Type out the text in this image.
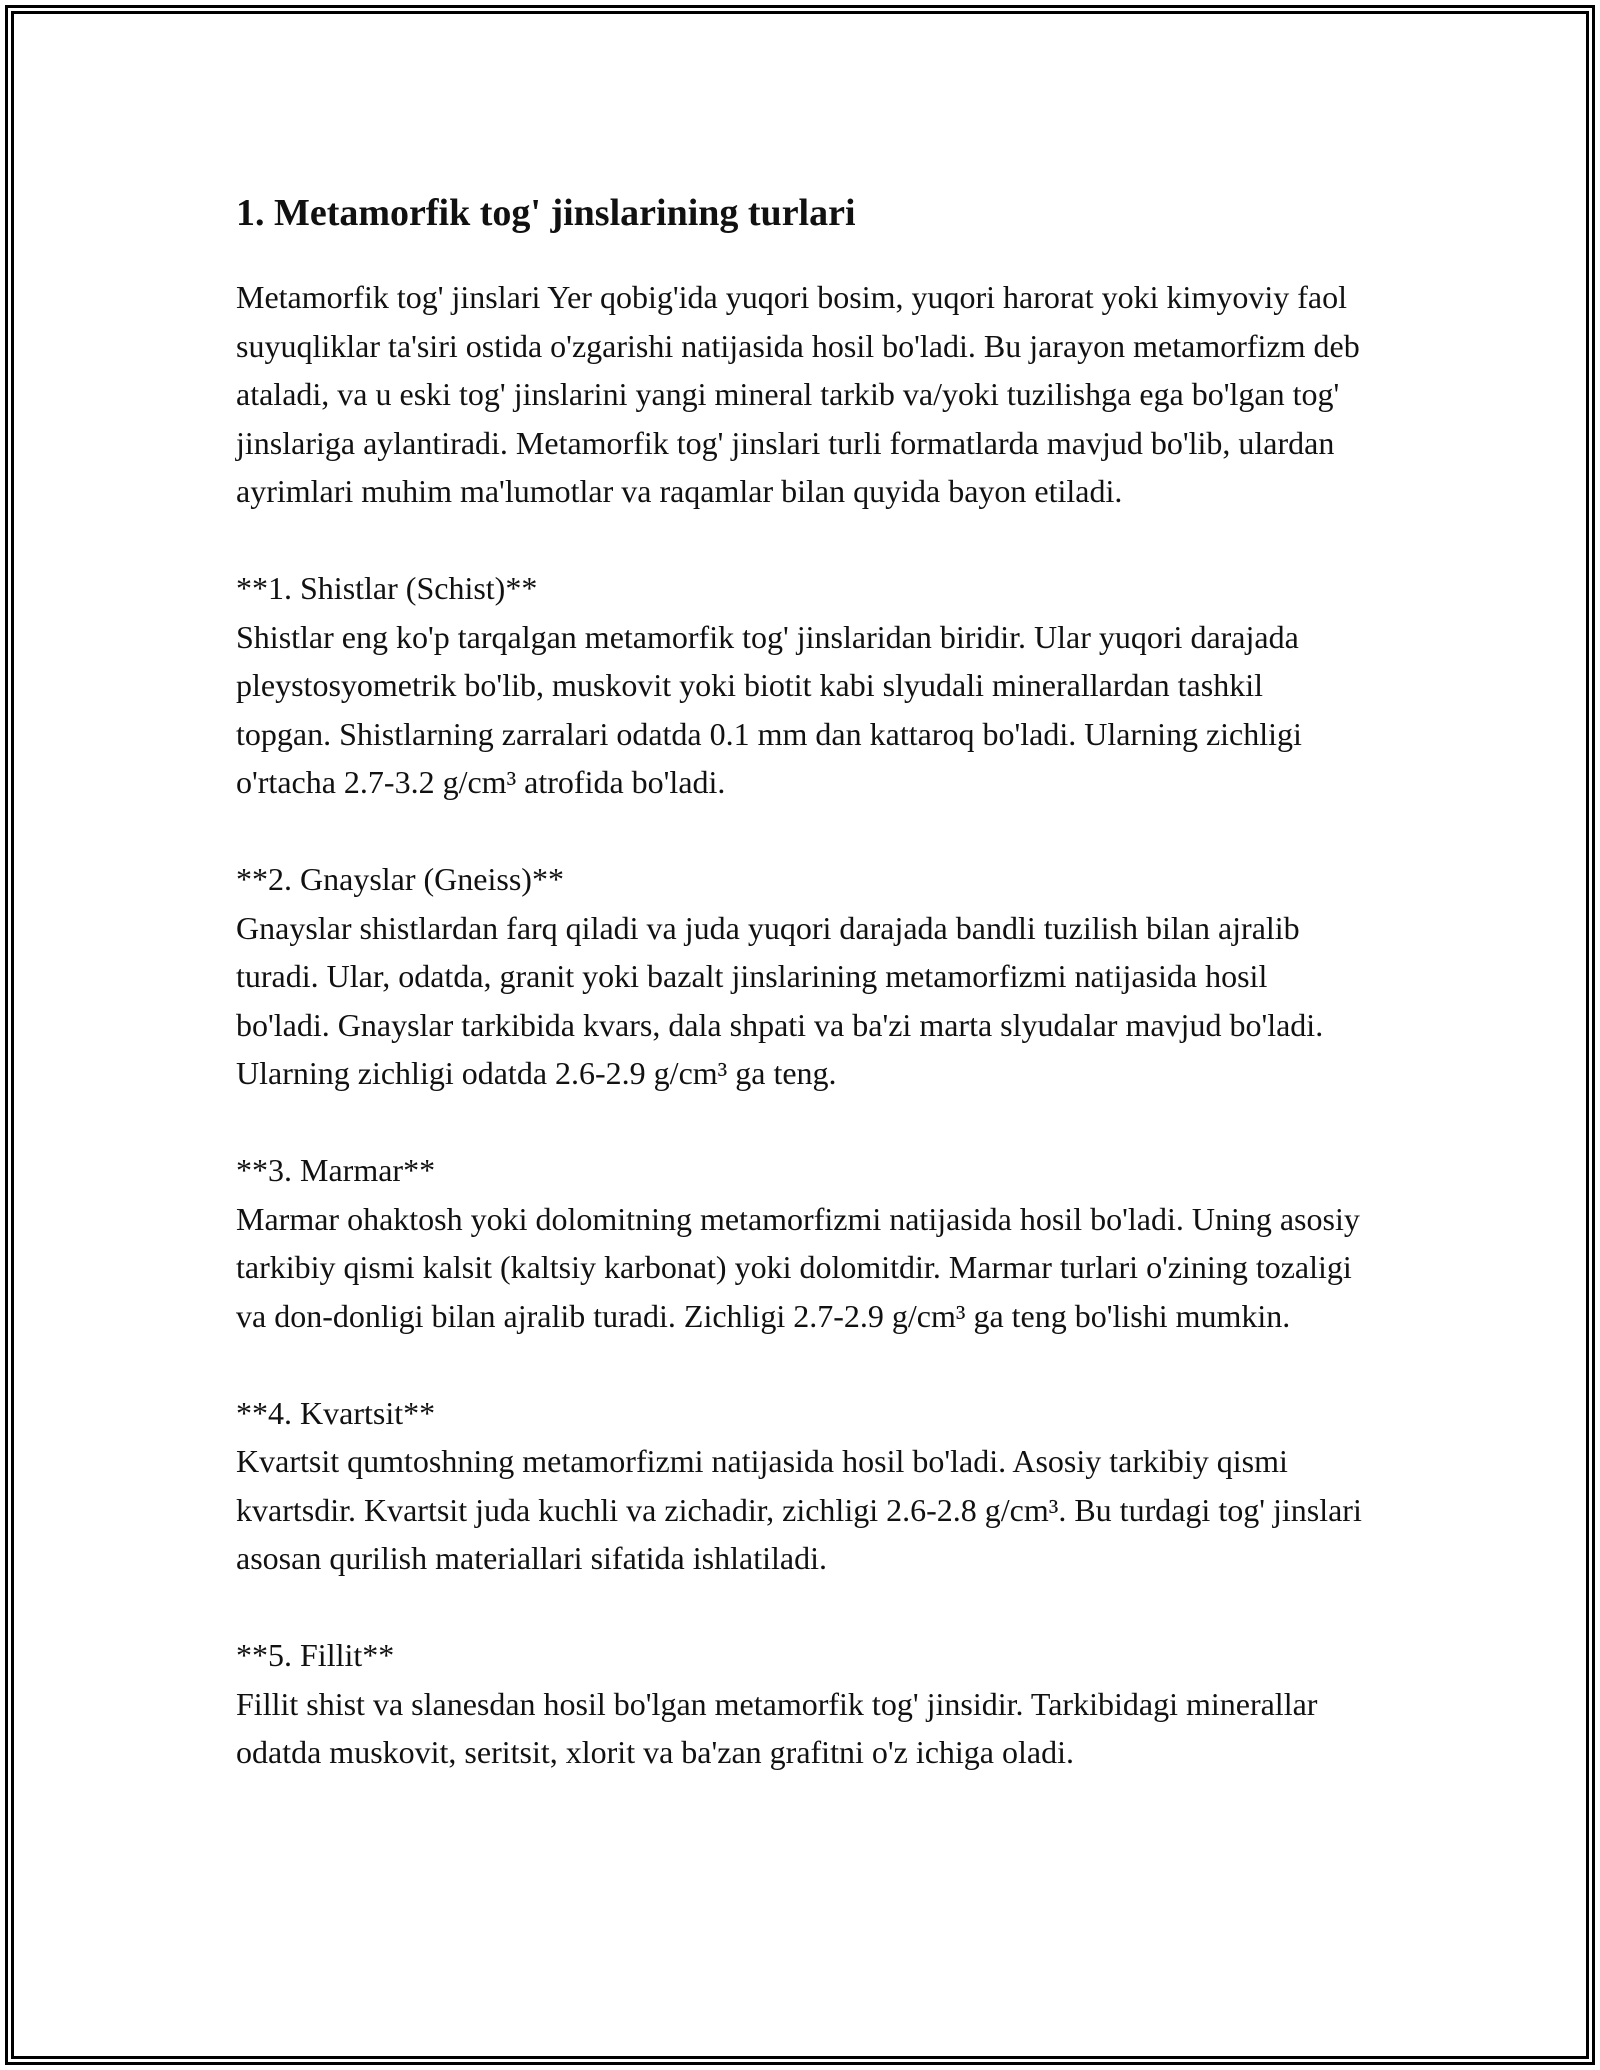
1. Metamorfik tog' jinslarining turlari

Metamorfik tog' jinslari Yer qobig'ida yuqori bosim, yuqori harorat yoki kimyoviy faol suyuqliklar ta'siri ostida o'zgarishi natijasida hosil bo'ladi. Bu jarayon metamorfizm deb ataladi, va u eski tog' jinslarini yangi mineral tarkib va/yoki tuzilishga ega bo'lgan tog' jinslariga aylantiradi. Metamorfik tog' jinslari turli formatlarda mavjud bo'lib, ulardan ayrimlari muhim ma'lumotlar va raqamlar bilan quyida bayon etiladi.

**1. Shistlar (Schist)**

Shistlar eng ko'p tarqalgan metamorfik tog' jinslaridan biridir. Ular yuqori darajada pleystosyometrik bo'lib, muskovit yoki biotit kabi slyudali minerallardan tashkil topgan. Shistlarning zarralari odatda 0.1 mm dan kattaroq bo'ladi. Ularning zichligi o'rtacha 2.7-3.2 g/cm³ atrofida bo'ladi.

**2. Gnayslar (Gneiss)**

Gnayslar shistlardan farq qiladi va juda yuqori darajada bandli tuzilish bilan ajralib turadi. Ular, odatda, granit yoki bazalt jinslarining metamorfizmi natijasida hosil bo'ladi. Gnayslar tarkibida kvars, dala shpati va ba'zi marta slyudalar mavjud bo'ladi. Ularning zichligi odatda 2.6-2.9 g/cm³ ga teng.

**3. Marmar**

Marmar ohaktosh yoki dolomitning metamorfizmi natijasida hosil bo'ladi. Uning asosiy tarkibiy qismi kalsit (kaltsiy karbonat) yoki dolomitdir. Marmar turlari o'zining tozaligi va don-donligi bilan ajralib turadi. Zichligi 2.7-2.9 g/cm³ ga teng bo'lishi mumkin.

**4. Kvartsit**

Kvartsit qumtoshning metamorfizmi natijasida hosil bo'ladi. Asosiy tarkibiy qismi kvartsdir. Kvartsit juda kuchli va zichadir, zichligi 2.6-2.8 g/cm³. Bu turdagi tog' jinslari asosan qurilish materiallari sifatida ishlatiladi.

**5. Fillit**

Fillit shist va slanesdan hosil bo'lgan metamorfik tog' jinsidir. Tarkibidagi minerallar odatda muskovit, seritsit, xlorit va ba'zan grafitni o'z ichiga oladi.
